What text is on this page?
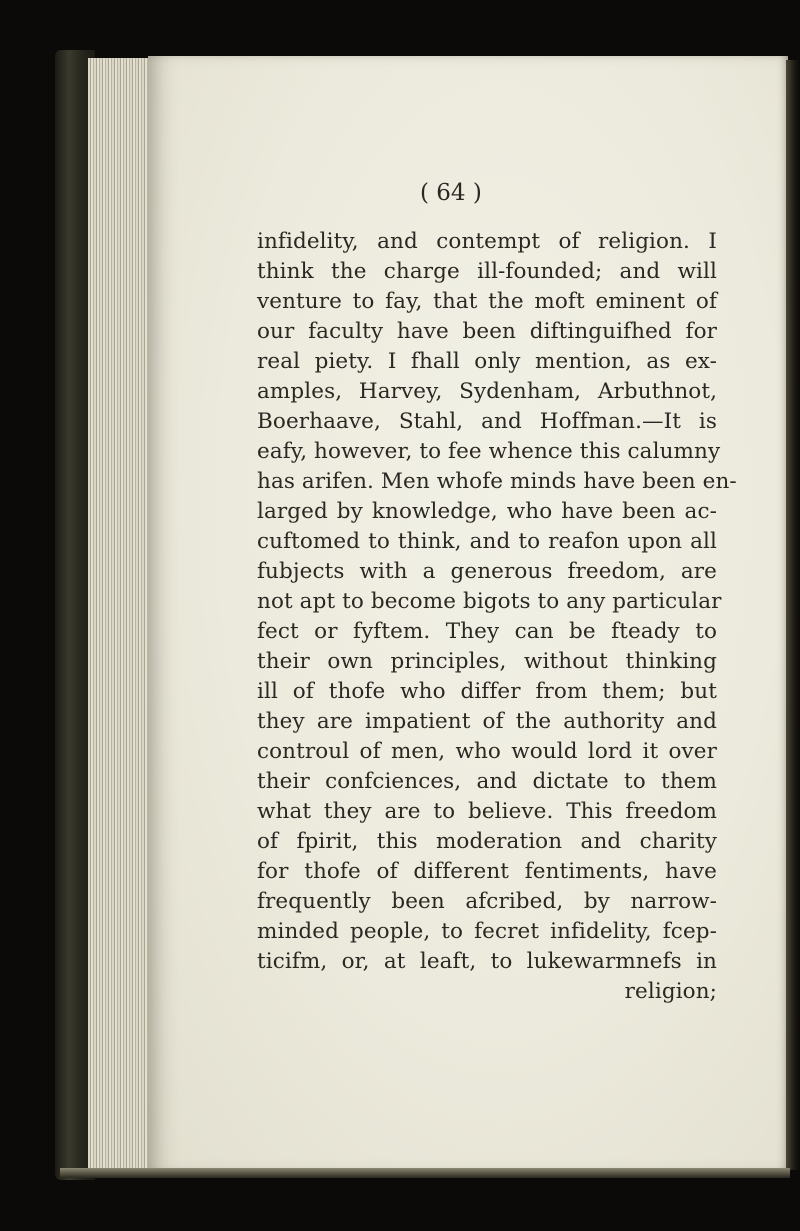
( 64 )
infidelity, and contempt of religion. I
think the charge ill-founded; and will
venture to fay, that the moft eminent of
our faculty have been diftinguifhed for
real piety. I fhall only mention, as ex-
amples, Harvey, Sydenham, Arbuthnot,
Boerhaave, Stahl, and Hoffman.—It is
eafy, however, to fee whence this calumny
has arifen. Men whofe minds have been en-
larged by knowledge, who have been ac-
cuftomed to think, and to reafon upon all
fubjects with a generous freedom, are
not apt to become bigots to any particular
fect or fyftem. They can be fteady to
their own principles, without thinking
ill of thofe who differ from them; but
they are impatient of the authority and
controul of men, who would lord it over
their confciences, and dictate to them
what they are to believe. This freedom
of fpirit, this moderation and charity
for thofe of different fentiments, have
frequently been afcribed, by narrow-
minded people, to fecret infidelity, fcep-
ticifm, or, at leaft, to lukewarmnefs in
religion;
